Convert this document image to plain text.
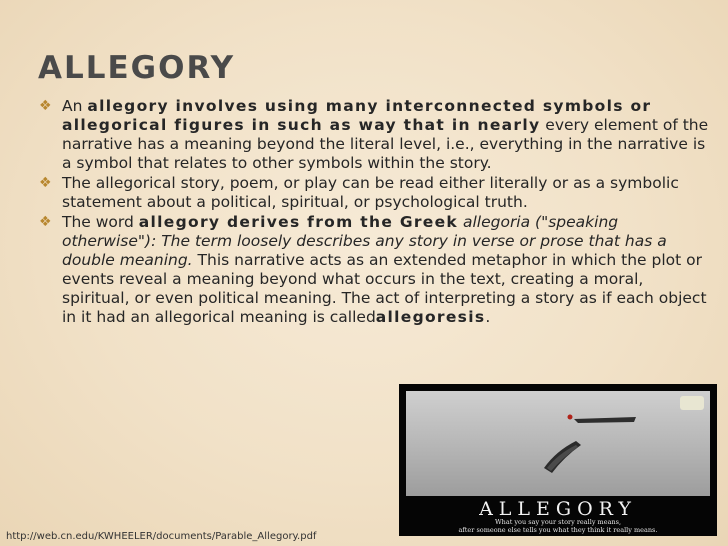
ALLEGORY
❖ An allegory involves using many interconnected symbols or allegorical figures in such as way that in nearly every element of the narrative has a meaning beyond the literal level, i.e., everything in the narrative is a symbol that relates to other symbols within the story.
❖ The allegorical story, poem, or play can be read either literally or as a symbolic statement about a political, spiritual, or psychological truth.
❖ The word allegory derives from the Greek allegoria ("speaking otherwise"): The term loosely describes any story in verse or prose that has a double meaning. This narrative acts as an extended metaphor in which the plot or events reveal a meaning beyond what occurs in the text, creating a moral, spiritual, or even political meaning. The act of interpreting a story as if each object in it had an allegorical meaning is calledallegoresis.
ALLEGORY
What you say your story really means,
after someone else tells you what they think it really means.
http://web.cn.edu/KWHEELER/documents/Parable_Allegory.pdf
